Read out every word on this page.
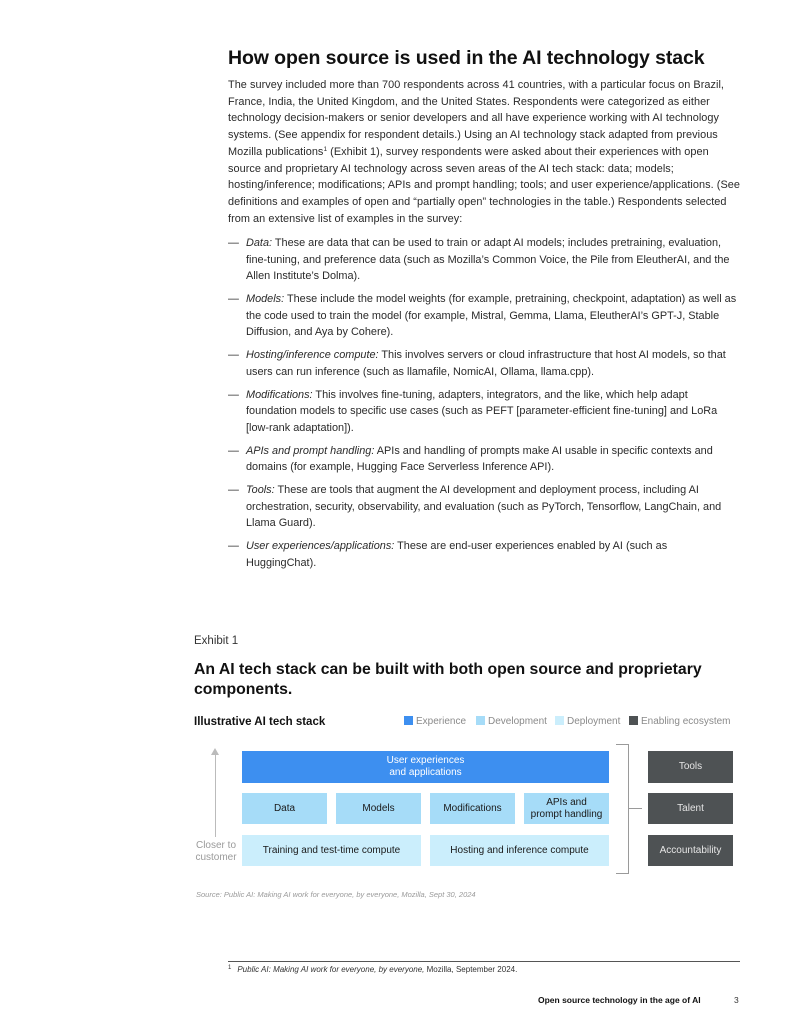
How open source is used in the AI technology stack

The survey included more than 700 respondents across 41 countries, with a particular focus on Brazil, France, India, the United Kingdom, and the United States. Respondents were categorized as either technology decision-makers or senior developers and all have experience working with AI technology systems. (See appendix for respondent details.) Using an AI technology stack adapted from previous Mozilla publications$^1$ (Exhibit 1), survey respondents were asked about their experiences with open source and proprietary AI technology across seven areas of the AI tech stack: data; models; hosting/inference; modifications; APIs and prompt handling; tools; and user experience/applications. (See definitions and examples of open and “partially open” technologies in the table.) Respondents selected from an extensive list of examples in the survey:

— Data: These are data that can be used to train or adapt AI models; includes pretraining, evaluation, fine-tuning, and preference data (such as Mozilla’s Common Voice, the Pile from EleutherAI, and the Allen Institute’s Dolma).
— Models: These include the model weights (for example, pretraining, checkpoint, adaptation) as well as the code used to train the model (for example, Mistral, Gemma, Llama, EleutherAI’s GPT-J, Stable Diffusion, and Aya by Cohere).
— Hosting/inference compute: This involves servers or cloud infrastructure that host AI models, so that users can run inference (such as llamafile, NomicAI, Ollama, llama.cpp).
— Modifications: This involves fine-tuning, adapters, integrators, and the like, which help adapt foundation models to specific use cases (such as PEFT [parameter-efficient fine-tuning] and LoRa [low-rank adaptation]).
— APIs and prompt handling: APIs and handling of prompts make AI usable in specific contexts and domains (for example, Hugging Face Serverless Inference API).
— Tools: These are tools that augment the AI development and deployment process, including AI orchestration, security, observability, and evaluation (such as PyTorch, Tensorflow, LangChain, and Llama Guard).
— User experiences/applications: These are end-user experiences enabled by AI (such as HuggingChat).
Exhibit 1
An AI tech stack can be built with both open source and proprietary components.
Illustrative AI tech stack	Experience	Development	Deployment	Enabling ecosystem
Closer to customer
User experiences
and applications
Data	Models	Modifications
APIs and
prompt handling
Training and test-time compute	Hosting and inference compute
Tools
Talent
Accountability
Source: Public AI: Making AI work for everyone, by everyone, Mozilla, Sept 30, 2024
$^1$ Public AI: Making AI work for everyone, by everyone, Mozilla, September 2024.
Open source technology in the age of AI	3
